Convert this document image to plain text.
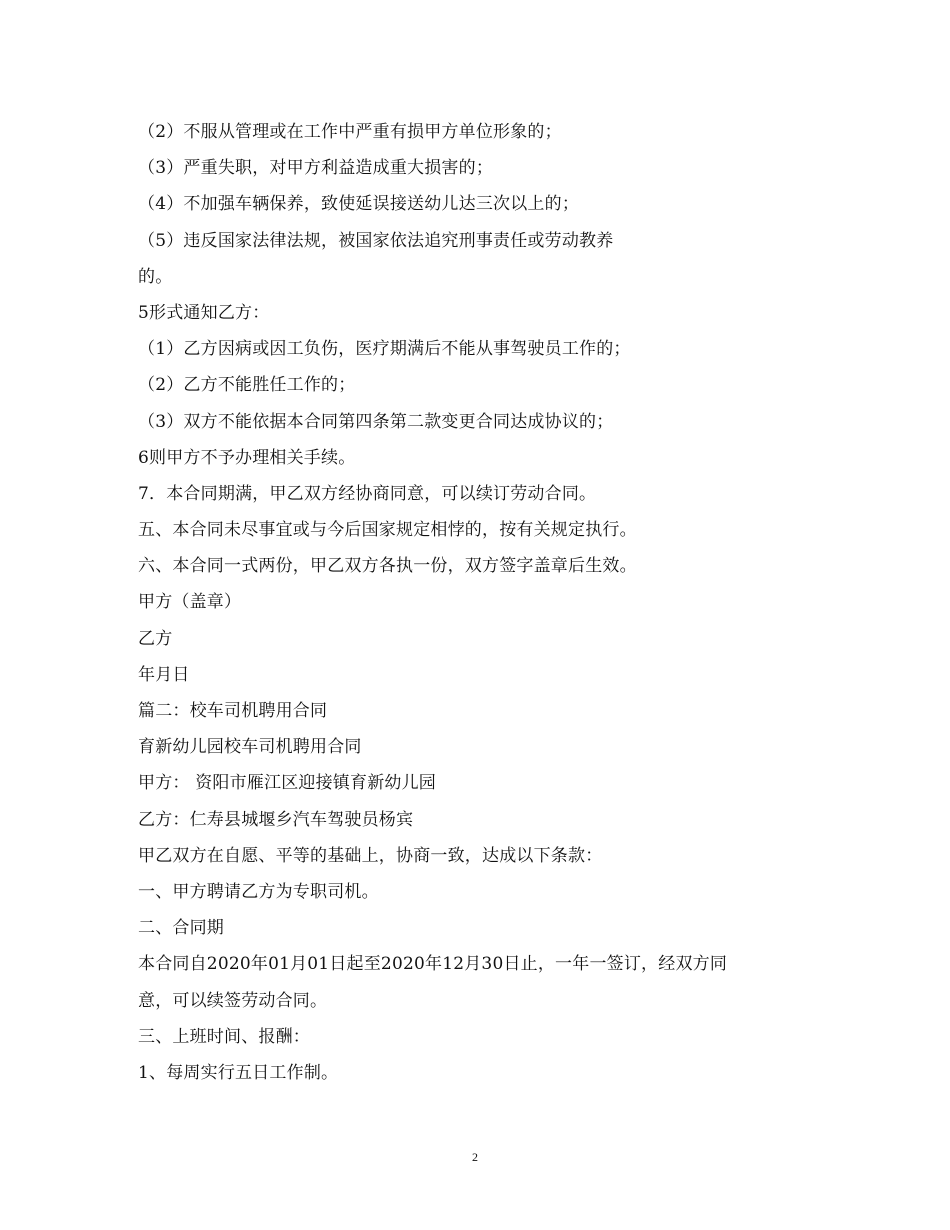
（2）不服从管理或在工作中严重有损甲方单位形象的；
（3）严重失职，对甲方利益造成重大损害的；
（4）不加强车辆保养，致使延误接送幼儿达三次以上的；
（5）违反国家法律法规，被国家依法追究刑事责任或劳动教养
的。
5形式通知乙方：
（1）乙方因病或因工负伤，医疗期满后不能从事驾驶员工作的；
（2）乙方不能胜任工作的；
（3）双方不能依据本合同第四条第二款变更合同达成协议的；
6则甲方不予办理相关手续。
7．本合同期满，甲乙双方经协商同意，可以续订劳动合同。
五、本合同未尽事宜或与今后国家规定相悖的，按有关规定执行。
六、本合同一式两份，甲乙双方各执一份，双方签字盖章后生效。
甲方（盖章）
乙方
年月日
篇二：校车司机聘用合同
育新幼儿园校车司机聘用合同
甲方： 资阳市雁江区迎接镇育新幼儿园
乙方：仁寿县城堰乡汽车驾驶员杨宾
甲乙双方在自愿、平等的基础上，协商一致，达成以下条款：
一、甲方聘请乙方为专职司机。
二、合同期
本合同自2020年01月01日起至2020年12月30日止，一年一签订，经双方同
意，可以续签劳动合同。
三、上班时间、报酬：
1、每周实行五日工作制。
2
